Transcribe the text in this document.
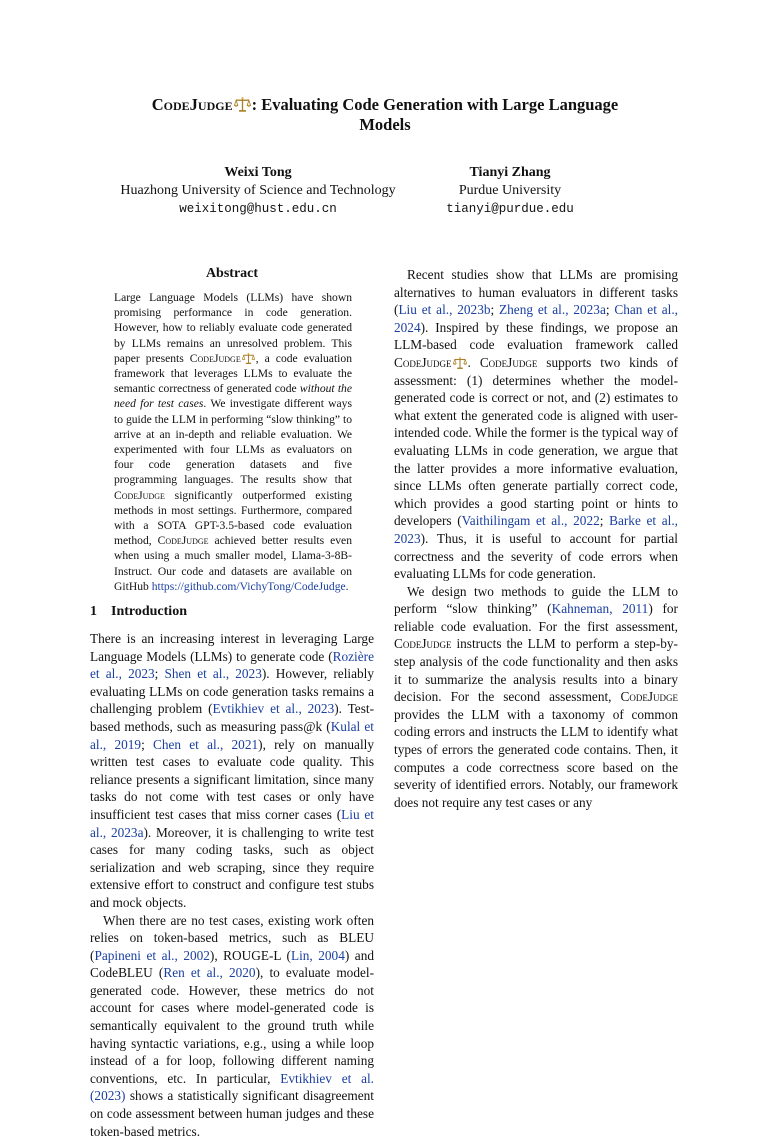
CodeJudge : Evaluating Code Generation with Large Language
Models
Weixi Tong
Huazhong University of Science and Technology
weixitong@hust.edu.cn
Tianyi Zhang
Purdue University
tianyi@purdue.edu
Abstract
Large Language Models (LLMs) have shown promising performance in code generation. However, how to reliably evaluate code generated by LLMs remains an unresolved problem. This paper presents CodeJudge , a code evaluation framework that leverages LLMs to evaluate the semantic correctness of generated code without the need for test cases. We investigate different ways to guide the LLM in performing “slow thinking” to arrive at an in-depth and reliable evaluation. We experimented with four LLMs as evaluators on four code generation datasets and five programming languages. The results show that CodeJudge significantly outperformed existing methods in most settings. Furthermore, compared with a SOTA GPT-3.5-based code evaluation method, CodeJudge achieved better results even when using a much smaller model, Llama-3-8B-Instruct. Our code and datasets are available on GitHub https://github.com/VichyTong/CodeJudge.
1 Introduction

There is an increasing interest in leveraging Large Language Models (LLMs) to generate code (Rozière et al., 2023; Shen et al., 2023). However, reliably evaluating LLMs on code generation tasks remains a challenging problem (Evtikhiev et al., 2023). Test-based methods, such as measuring pass@k (Kulal et al., 2019; Chen et al., 2021), rely on manually written test cases to evaluate code quality. This reliance presents a significant limitation, since many tasks do not come with test cases or only have insufficient test cases that miss corner cases (Liu et al., 2023a). Moreover, it is challenging to write test cases for many coding tasks, such as object serialization and web scraping, since they require extensive effort to construct and configure test stubs and mock objects.

When there are no test cases, existing work often relies on token-based metrics, such as BLEU (Papineni et al., 2002), ROUGE-L (Lin, 2004) and CodeBLEU (Ren et al., 2020), to evaluate model-generated code. However, these metrics do not account for cases where model-generated code is semantically equivalent to the ground truth while having syntactic variations, e.g., using a while loop instead of a for loop, following different naming conventions, etc. In particular, Evtikhiev et al. (2023) shows a statistically significant disagreement on code assessment between human judges and these token-based metrics.

Recent studies show that LLMs are promising alternatives to human evaluators in different tasks (Liu et al., 2023b; Zheng et al., 2023a; Chan et al., 2024). Inspired by these findings, we propose an LLM-based code evaluation framework called CodeJudge . CodeJudge supports two kinds of assessment: (1) determines whether the model-generated code is correct or not, and (2) estimates to what extent the generated code is aligned with user-intended code. While the former is the typical way of evaluating LLMs in code generation, we argue that the latter provides a more informative evaluation, since LLMs often generate partially correct code, which provides a good starting point or hints to developers (Vaithilingam et al., 2022; Barke et al., 2023). Thus, it is useful to account for partial correctness and the severity of code errors when evaluating LLMs for code generation.

We design two methods to guide the LLM to perform “slow thinking” (Kahneman, 2011) for reliable code evaluation. For the first assessment, CodeJudge instructs the LLM to perform a step-by-step analysis of the code functionality and then asks it to summarize the analysis results into a binary decision. For the second assessment, CodeJudge provides the LLM with a taxonomy of common coding errors and instructs the LLM to identify what types of errors the generated code contains. Then, it computes a code correctness score based on the severity of identified errors. Notably, our framework does not require any test cases or any
